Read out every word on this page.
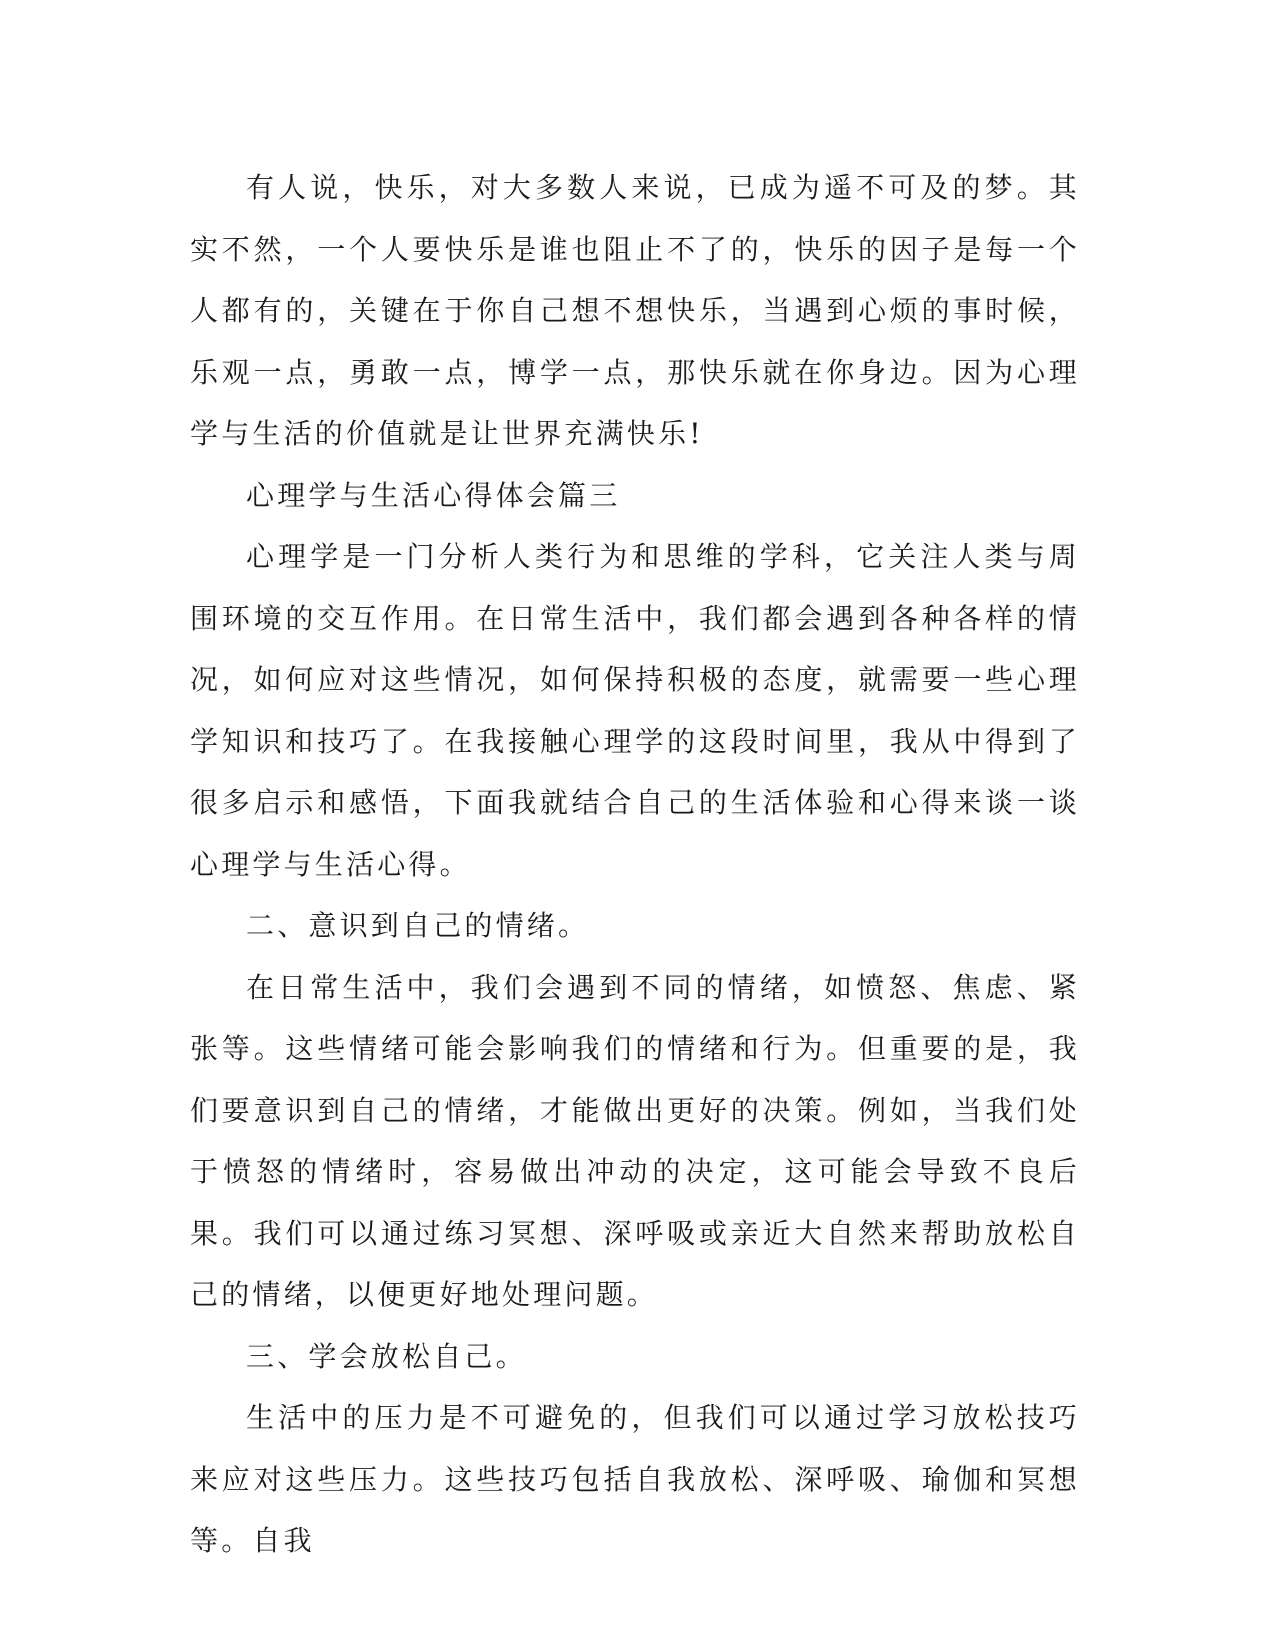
有人说，快乐，对大多数人来说，已成为遥不可及的梦。其实不然，一个人要快乐是谁也阻止不了的，快乐的因子是每一个人都有的，关键在于你自己想不想快乐，当遇到心烦的事时候，乐观一点，勇敢一点，博学一点，那快乐就在你身边。因为心理学与生活的价值就是让世界充满快乐!

心理学与生活心得体会篇三

心理学是一门分析人类行为和思维的学科，它关注人类与周围环境的交互作用。在日常生活中，我们都会遇到各种各样的情况，如何应对这些情况，如何保持积极的态度，就需要一些心理学知识和技巧了。在我接触心理学的这段时间里，我从中得到了很多启示和感悟，下面我就结合自己的生活体验和心得来谈一谈心理学与生活心得。

二、意识到自己的情绪。

在日常生活中，我们会遇到不同的情绪，如愤怒、焦虑、紧张等。这些情绪可能会影响我们的情绪和行为。但重要的是，我们要意识到自己的情绪，才能做出更好的决策。例如，当我们处于愤怒的情绪时，容易做出冲动的决定，这可能会导致不良后果。我们可以通过练习冥想、深呼吸或亲近大自然来帮助放松自己的情绪，以便更好地处理问题。

三、学会放松自己。

生活中的压力是不可避免的，但我们可以通过学习放松技巧来应对这些压力。这些技巧包括自我放松、深呼吸、瑜伽和冥想等。自我
